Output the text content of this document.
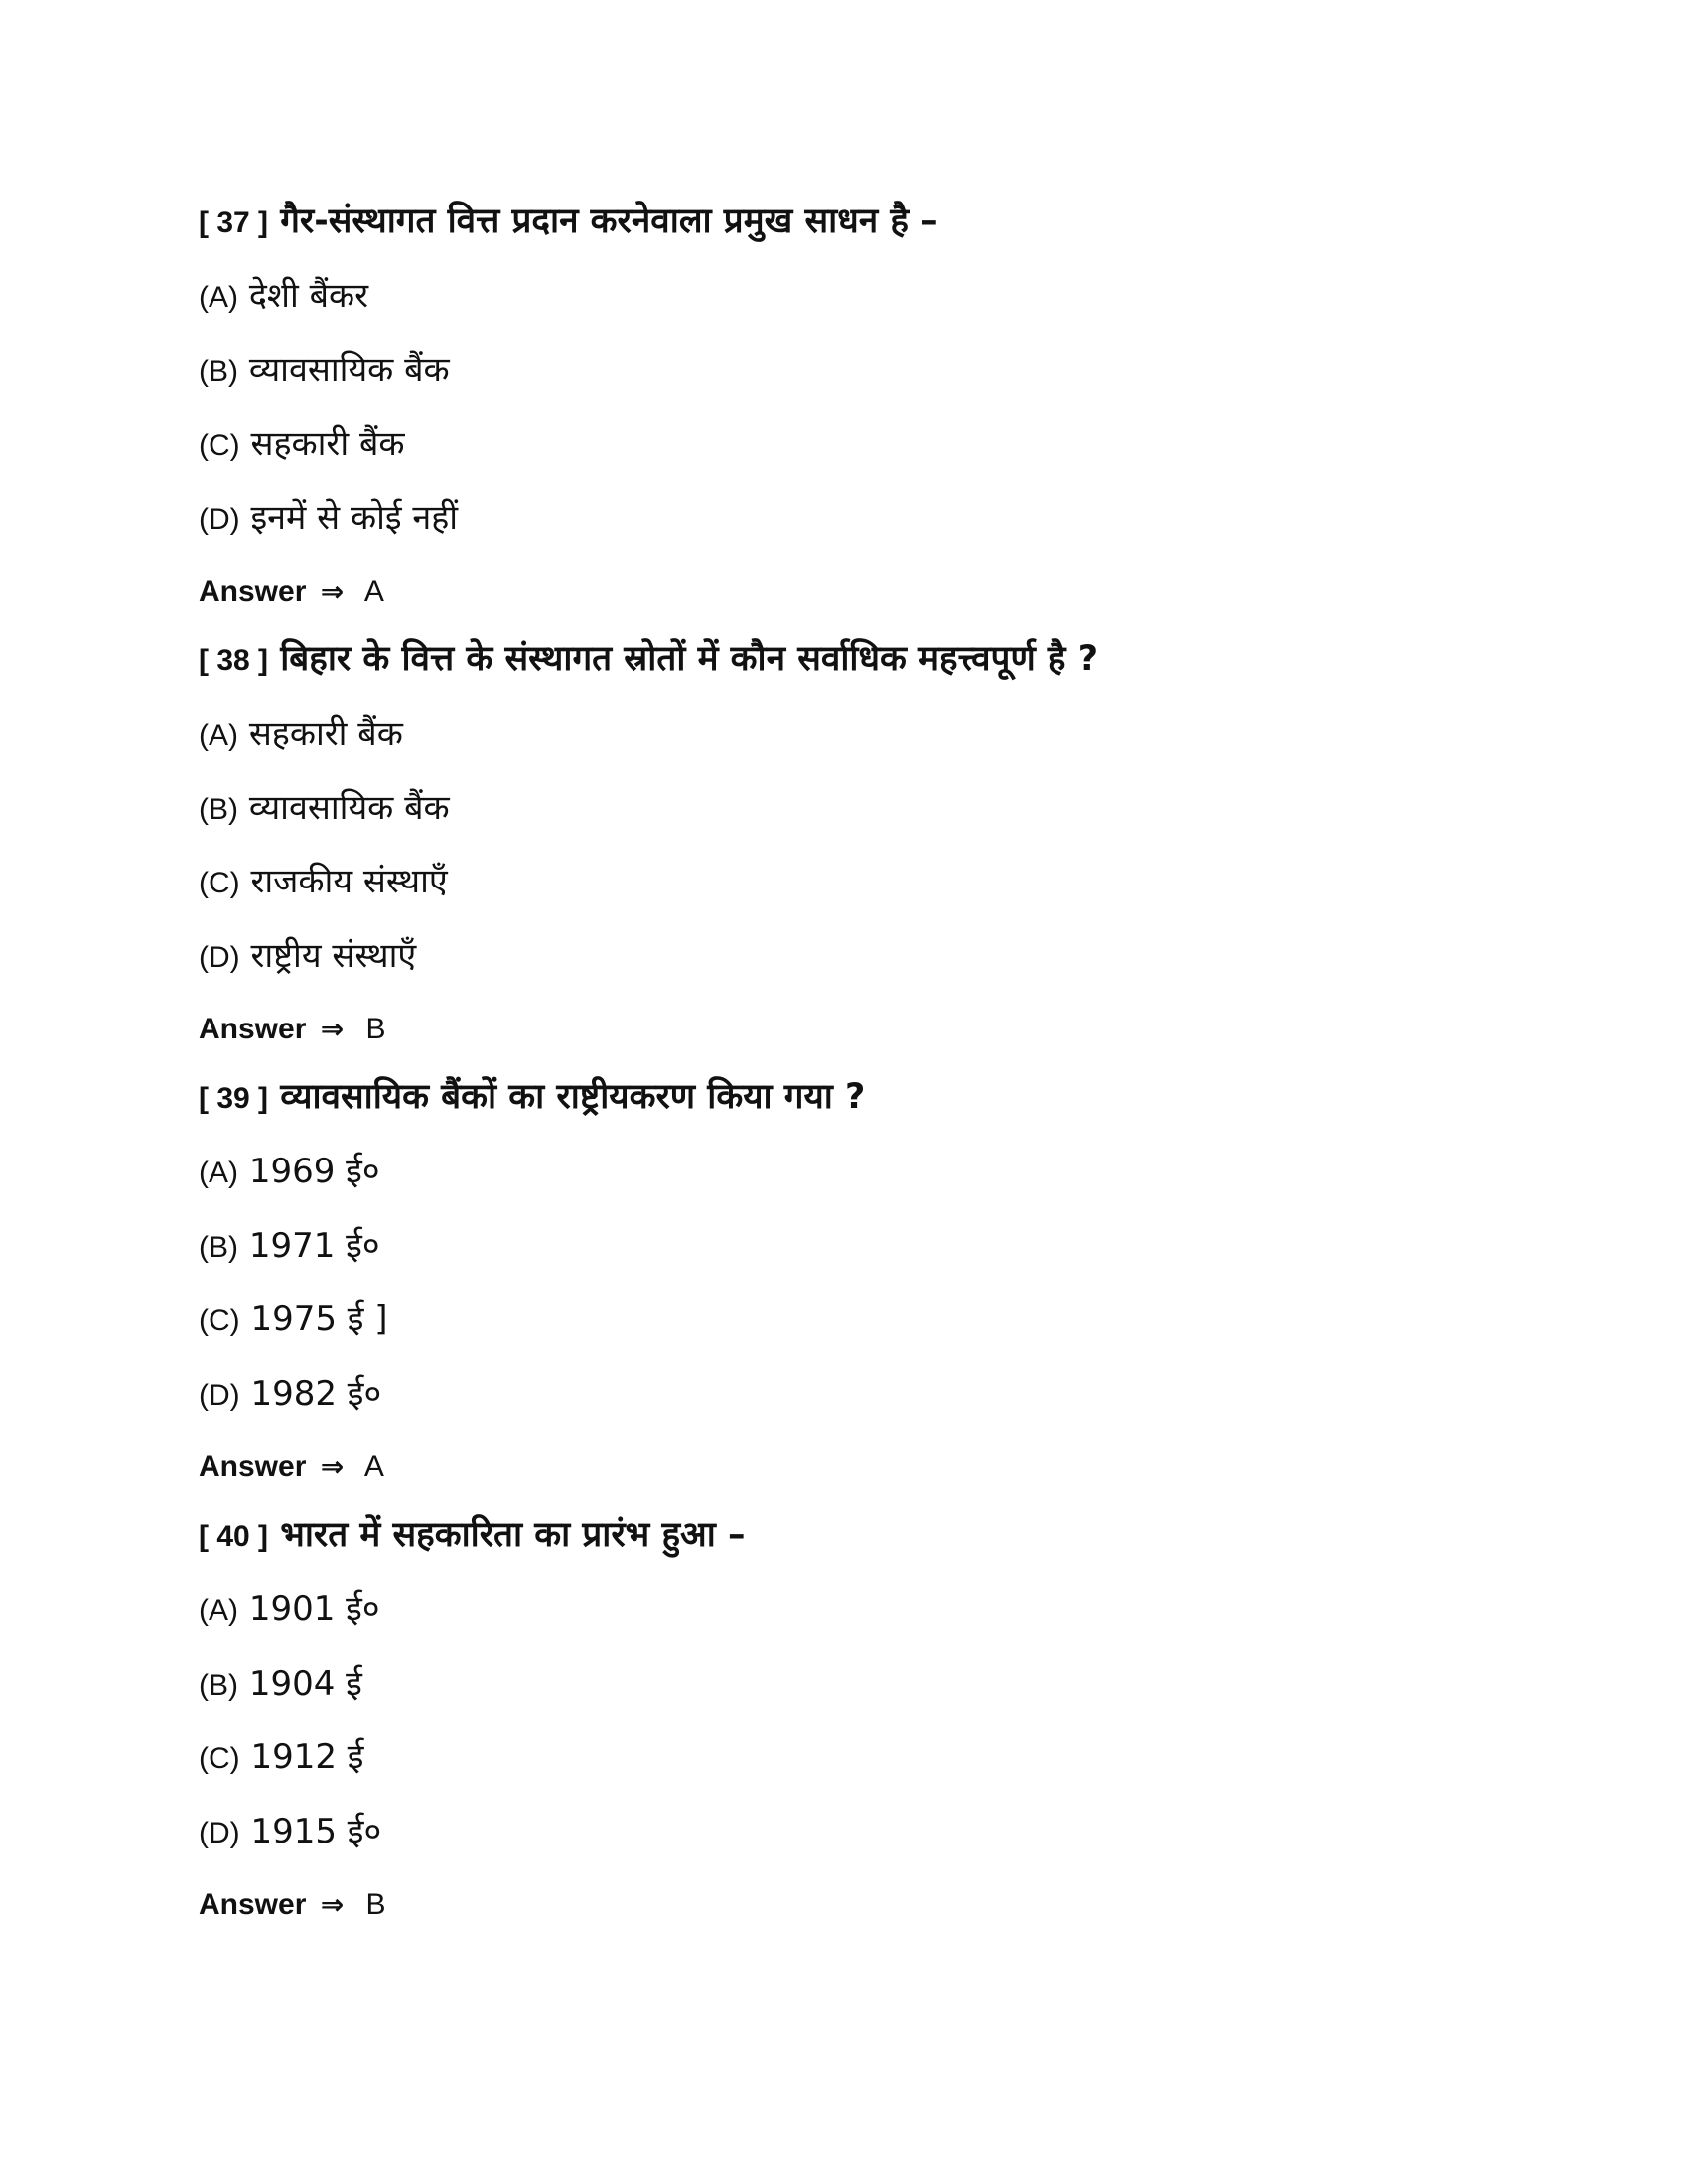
[ 37 ] गैर-संस्थागत वित्त प्रदान करनेवाला प्रमुख साधन है –
(A) देशी बैंकर
(B) व्यावसायिक बैंक
(C) सहकारी बैंक
(D) इनमें से कोई नहीं
Answer ⇒ A
[ 38 ] बिहार के वित्त के संस्थागत स्रोतों में कौन सर्वाधिक महत्त्वपूर्ण है ?
(A) सहकारी बैंक
(B) व्यावसायिक बैंक
(C) राजकीय संस्थाएँ
(D) राष्ट्रीय संस्थाएँ
Answer ⇒ B
[ 39 ] व्यावसायिक बैंकों का राष्ट्रीयकरण किया गया ?
(A) 1969 ई०
(B) 1971 ई०
(C) 1975 ई ]
(D) 1982 ई०
Answer ⇒ A
[ 40 ] भारत में सहकारिता का प्रारंभ हुआ –
(A) 1901 ई०
(B) 1904 ई
(C) 1912 ई
(D) 1915 ई०
Answer ⇒ B
